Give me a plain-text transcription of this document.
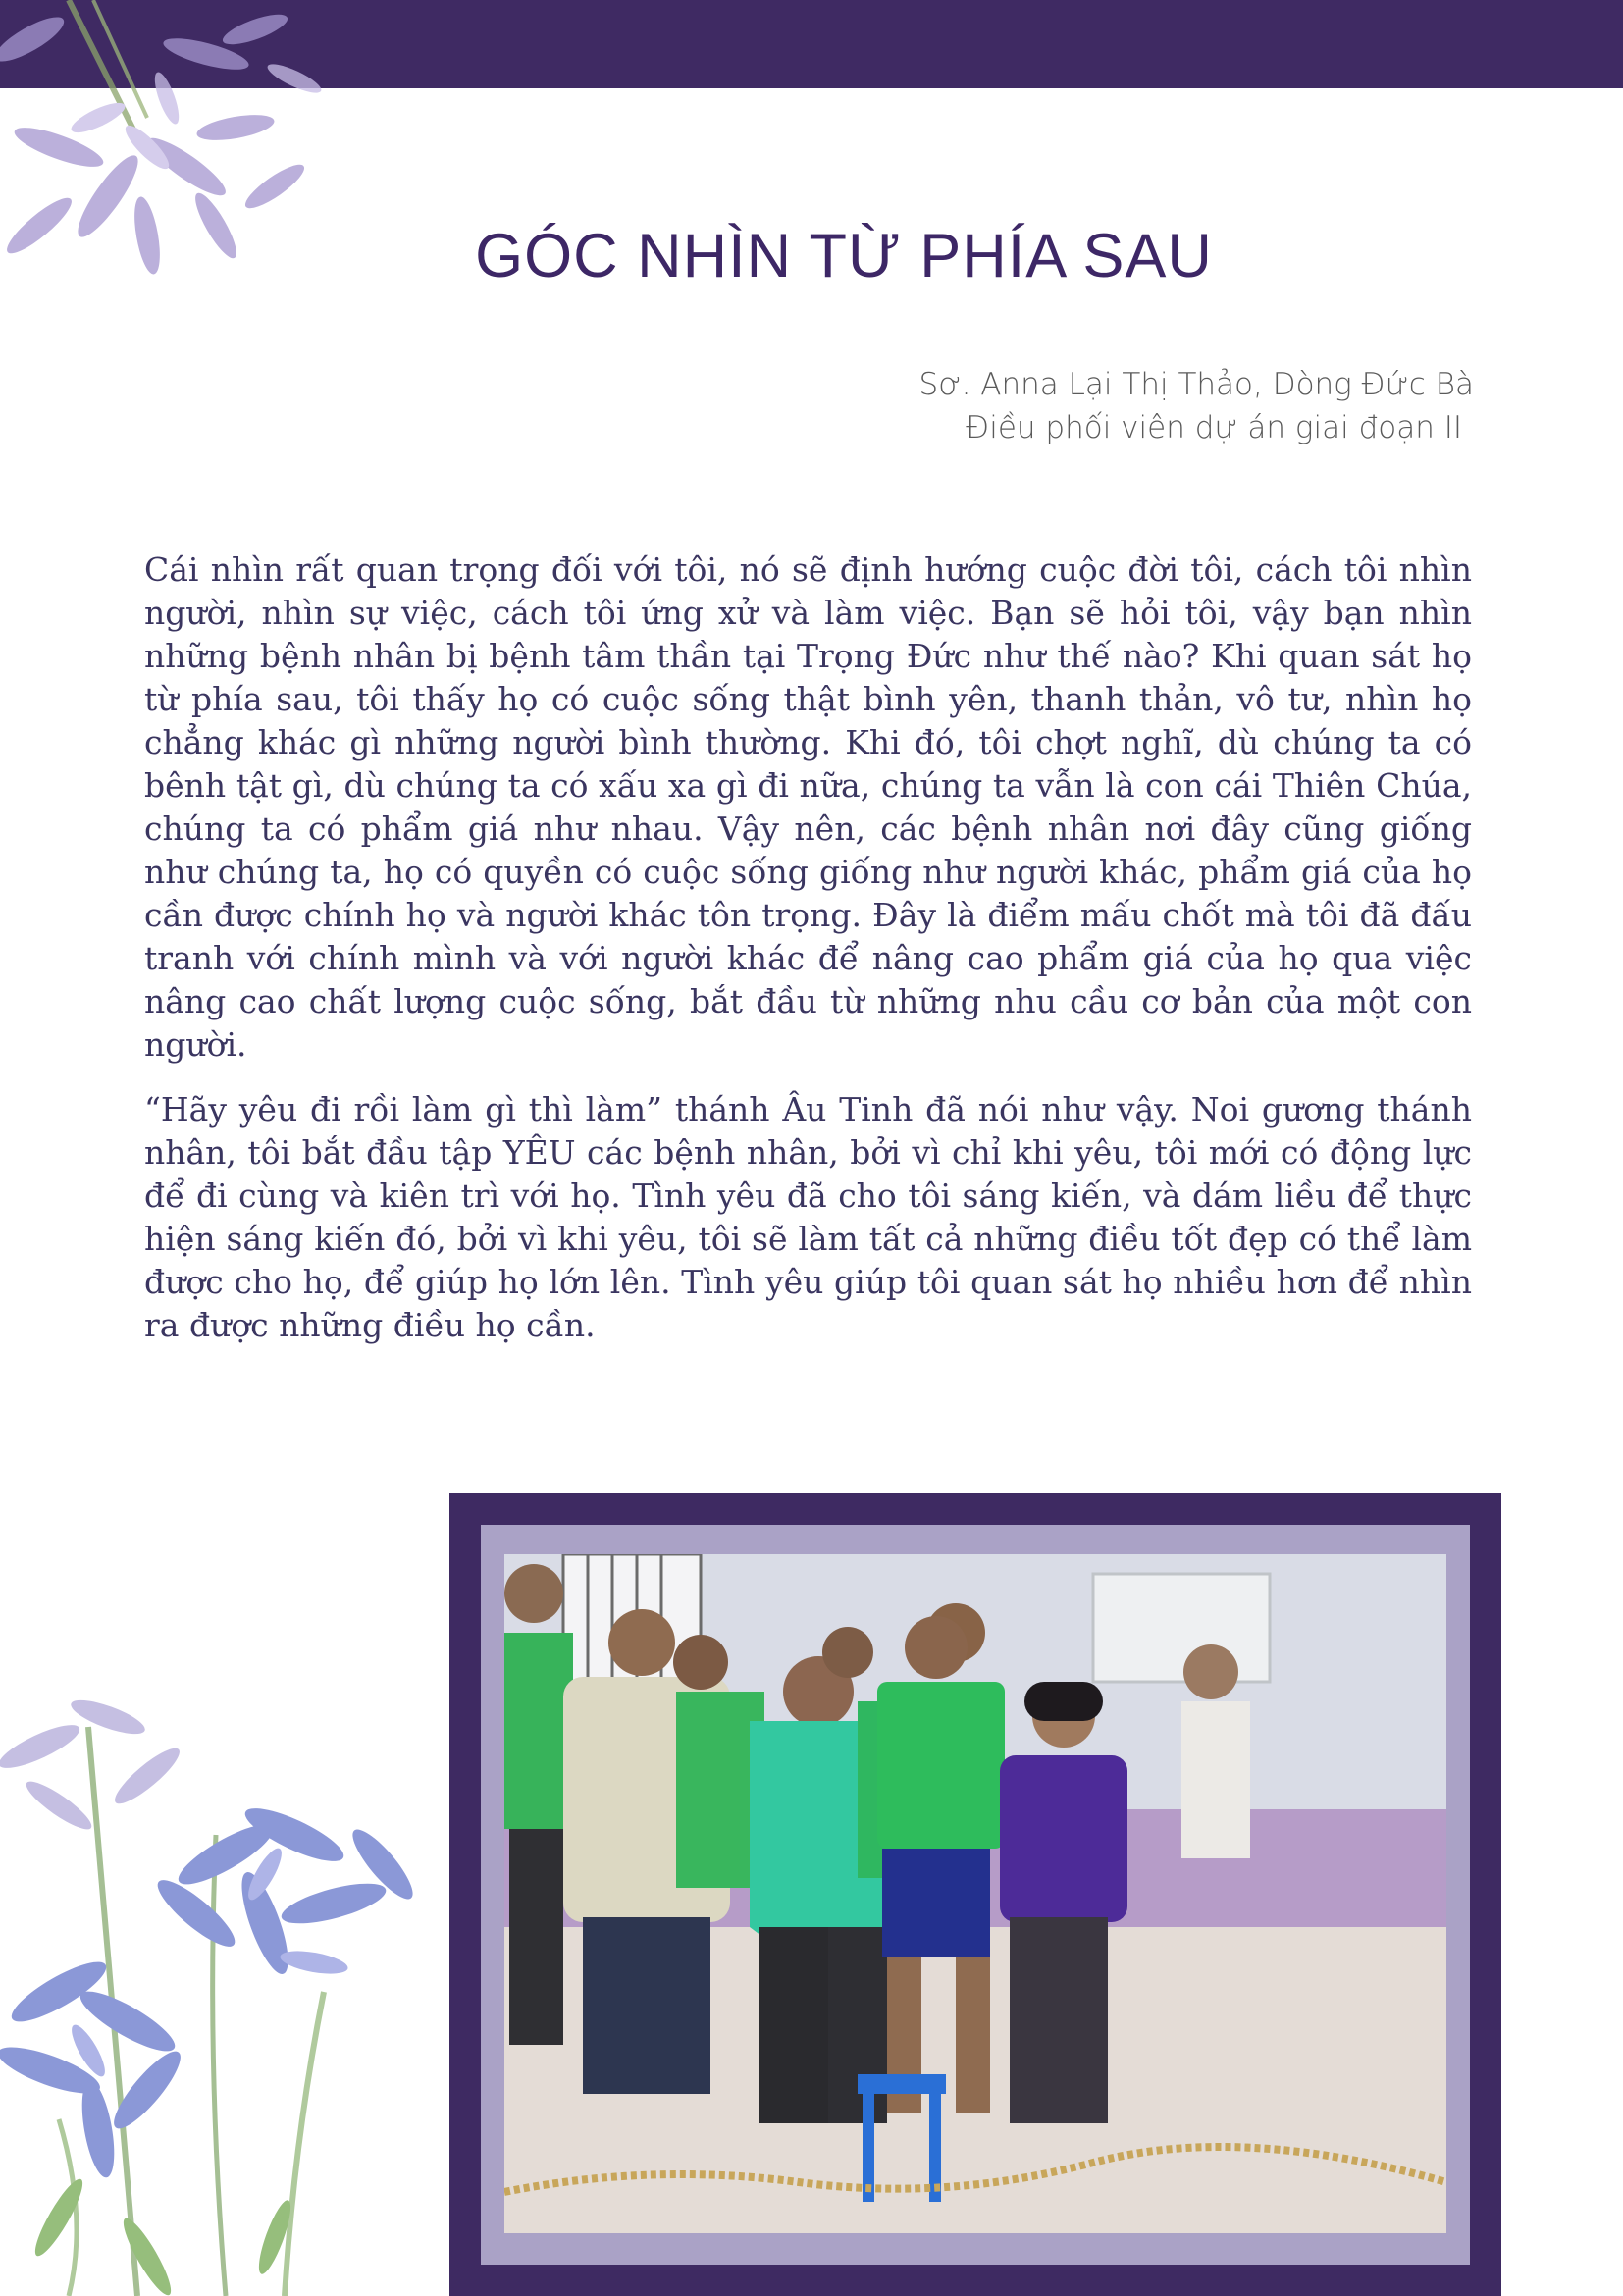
GÓC NHÌN TỪ PHÍA SAU
Sơ. Anna Lại Thị Thảo, Dòng Đức Bà

Điều phối viên dự án giai đoạn II

Cái nhìn rất quan trọng đối với tôi, nó sẽ định hướng cuộc đời tôi, cách tôi nhìn người, nhìn sự việc, cách tôi ứng xử và làm việc. Bạn sẽ hỏi tôi, vậy bạn nhìn những bệnh nhân bị bệnh tâm thần tại Trọng Đức như thế nào? Khi quan sát họ từ phía sau, tôi thấy họ có cuộc sống thật bình yên, thanh thản, vô tư, nhìn họ chẳng khác gì những người bình thường. Khi đó, tôi chợt nghĩ, dù chúng ta có bênh tật gì, dù chúng ta có xấu xa gì đi nữa, chúng ta vẫn là con cái Thiên Chúa, chúng ta có phẩm giá như nhau. Vậy nên, các bệnh nhân nơi đây cũng giống như chúng ta, họ có quyền có cuộc sống giống như người khác, phẩm giá của họ cần được chính họ và người khác tôn trọng. Đây là điểm mấu chốt mà tôi đã đấu tranh với chính mình và với người khác để nâng cao phẩm giá của họ qua việc nâng cao chất lượng cuộc sống, bắt đầu từ những nhu cầu cơ bản của một con người.

“Hãy yêu đi rồi làm gì thì làm” thánh Âu Tinh đã nói như vậy. Noi gương thánh nhân, tôi bắt đầu tập YÊU các bệnh nhân, bởi vì chỉ khi yêu, tôi mới có động lực để đi cùng và kiên trì với họ. Tình yêu đã cho tôi sáng kiến, và dám liều để thực hiện sáng kiến đó, bởi vì khi yêu, tôi sẽ làm tất cả những điều tốt đẹp có thể làm được cho họ, để giúp họ lớn lên. Tình yêu giúp tôi quan sát họ nhiều hơn để nhìn ra được những điều họ cần.
